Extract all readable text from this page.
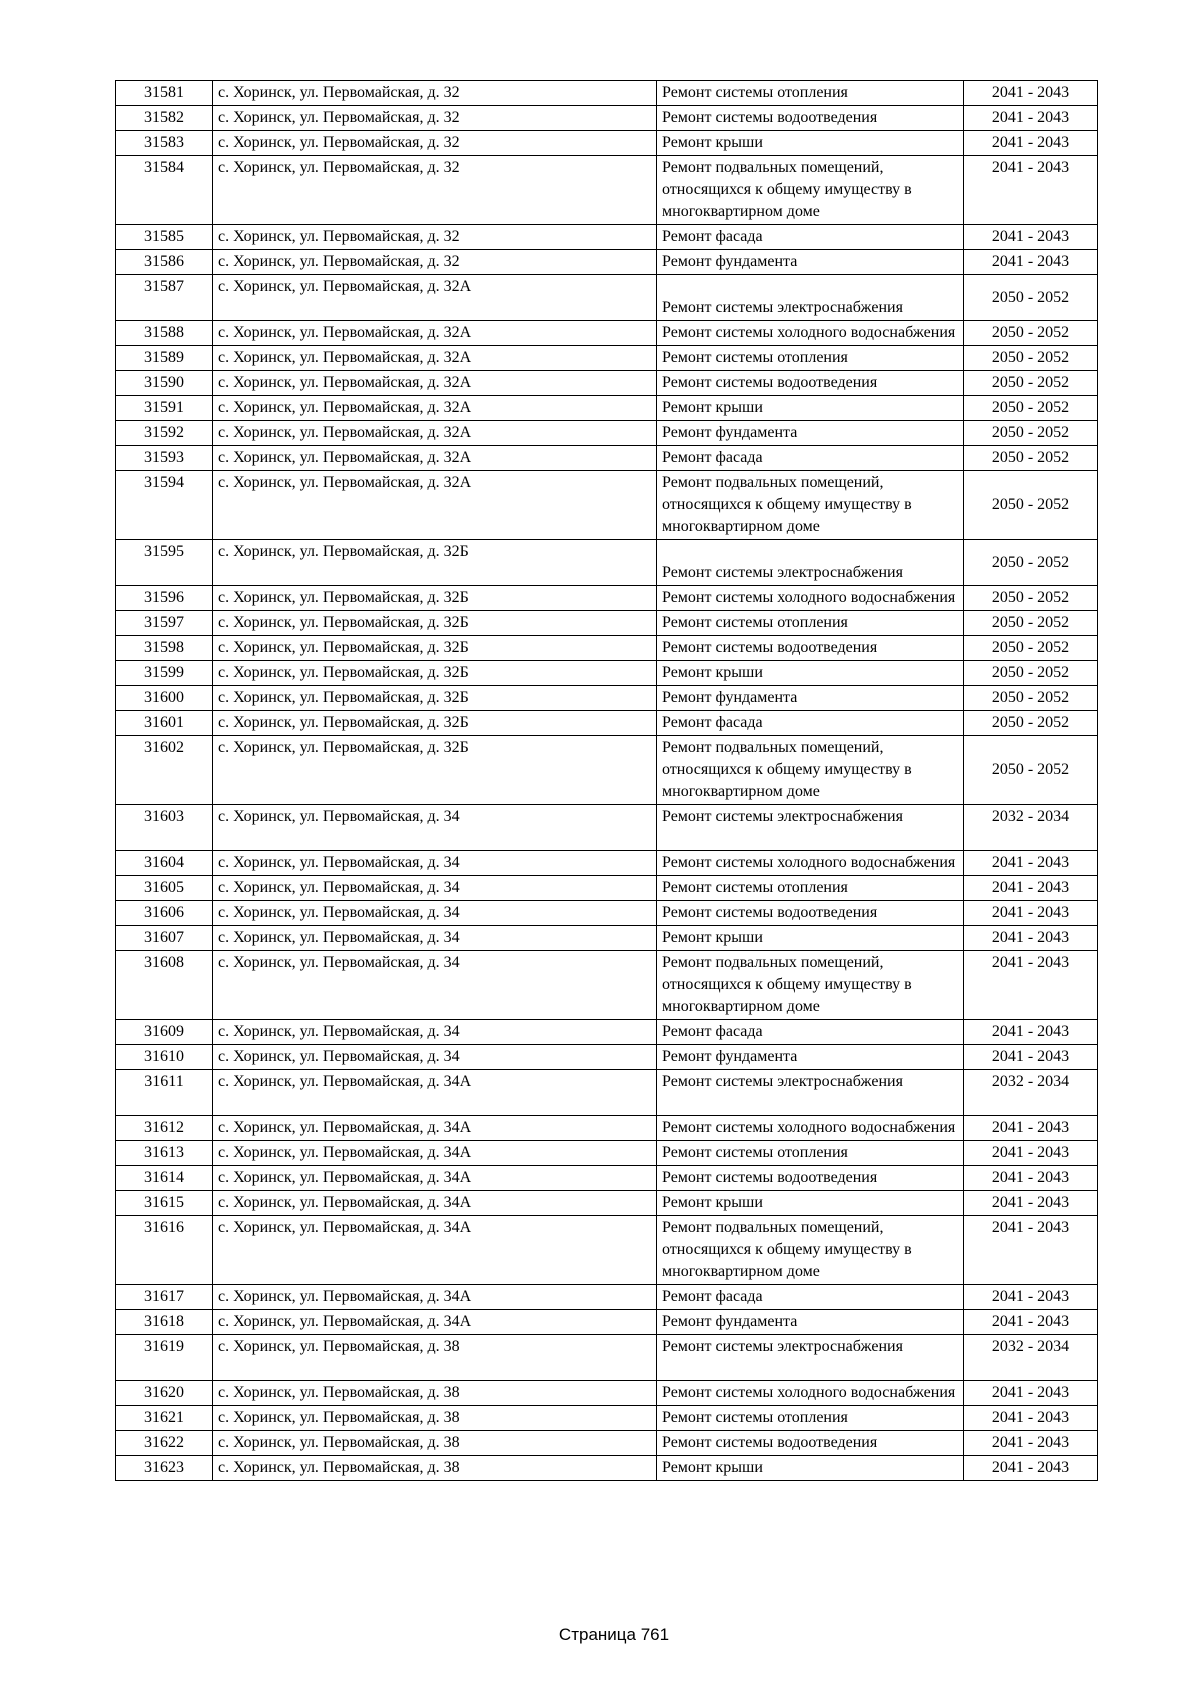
31581	с. Хоринск, ул. Первомайская, д. 32	Ремонт системы отопления	2041 - 2043
31582	с. Хоринск, ул. Первомайская, д. 32	Ремонт системы водоотведения	2041 - 2043
31583	с. Хоринск, ул. Первомайская, д. 32	Ремонт крыши	2041 - 2043
31584	с. Хоринск, ул. Первомайская, д. 32	Ремонт подвальных помещений, относящихся к общему имуществу в многоквартирном доме	2041 - 2043
31585	с. Хоринск, ул. Первомайская, д. 32	Ремонт фасада	2041 - 2043
31586	с. Хоринск, ул. Первомайская, д. 32	Ремонт фундамента	2041 - 2043
31587	с. Хоринск, ул. Первомайская, д. 32А	Ремонт системы электроснабжения	2050 - 2052
31588	с. Хоринск, ул. Первомайская, д. 32А	Ремонт системы холодного водоснабжения	2050 - 2052
31589	с. Хоринск, ул. Первомайская, д. 32А	Ремонт системы отопления	2050 - 2052
31590	с. Хоринск, ул. Первомайская, д. 32А	Ремонт системы водоотведения	2050 - 2052
31591	с. Хоринск, ул. Первомайская, д. 32А	Ремонт крыши	2050 - 2052
31592	с. Хоринск, ул. Первомайская, д. 32А	Ремонт фундамента	2050 - 2052
31593	с. Хоринск, ул. Первомайская, д. 32А	Ремонт фасада	2050 - 2052
31594	с. Хоринск, ул. Первомайская, д. 32А	Ремонт подвальных помещений, относящихся к общему имуществу в многоквартирном доме	2050 - 2052
31595	с. Хоринск, ул. Первомайская, д. 32Б	Ремонт системы электроснабжения	2050 - 2052
31596	с. Хоринск, ул. Первомайская, д. 32Б	Ремонт системы холодного водоснабжения	2050 - 2052
31597	с. Хоринск, ул. Первомайская, д. 32Б	Ремонт системы отопления	2050 - 2052
31598	с. Хоринск, ул. Первомайская, д. 32Б	Ремонт системы водоотведения	2050 - 2052
31599	с. Хоринск, ул. Первомайская, д. 32Б	Ремонт крыши	2050 - 2052
31600	с. Хоринск, ул. Первомайская, д. 32Б	Ремонт фундамента	2050 - 2052
31601	с. Хоринск, ул. Первомайская, д. 32Б	Ремонт фасада	2050 - 2052
31602	с. Хоринск, ул. Первомайская, д. 32Б	Ремонт подвальных помещений, относящихся к общему имуществу в многоквартирном доме	2050 - 2052
31603	с. Хоринск, ул. Первомайская, д. 34	Ремонт системы электроснабжения	2032 - 2034
31604	с. Хоринск, ул. Первомайская, д. 34	Ремонт системы холодного водоснабжения	2041 - 2043
31605	с. Хоринск, ул. Первомайская, д. 34	Ремонт системы отопления	2041 - 2043
31606	с. Хоринск, ул. Первомайская, д. 34	Ремонт системы водоотведения	2041 - 2043
31607	с. Хоринск, ул. Первомайская, д. 34	Ремонт крыши	2041 - 2043
31608	с. Хоринск, ул. Первомайская, д. 34	Ремонт подвальных помещений, относящихся к общему имуществу в многоквартирном доме	2041 - 2043
31609	с. Хоринск, ул. Первомайская, д. 34	Ремонт фасада	2041 - 2043
31610	с. Хоринск, ул. Первомайская, д. 34	Ремонт фундамента	2041 - 2043
31611	с. Хоринск, ул. Первомайская, д. 34А	Ремонт системы электроснабжения	2032 - 2034
31612	с. Хоринск, ул. Первомайская, д. 34А	Ремонт системы холодного водоснабжения	2041 - 2043
31613	с. Хоринск, ул. Первомайская, д. 34А	Ремонт системы отопления	2041 - 2043
31614	с. Хоринск, ул. Первомайская, д. 34А	Ремонт системы водоотведения	2041 - 2043
31615	с. Хоринск, ул. Первомайская, д. 34А	Ремонт крыши	2041 - 2043
31616	с. Хоринск, ул. Первомайская, д. 34А	Ремонт подвальных помещений, относящихся к общему имуществу в многоквартирном доме	2041 - 2043
31617	с. Хоринск, ул. Первомайская, д. 34А	Ремонт фасада	2041 - 2043
31618	с. Хоринск, ул. Первомайская, д. 34А	Ремонт фундамента	2041 - 2043
31619	с. Хоринск, ул. Первомайская, д. 38	Ремонт системы электроснабжения	2032 - 2034
31620	с. Хоринск, ул. Первомайская, д. 38	Ремонт системы холодного водоснабжения	2041 - 2043
31621	с. Хоринск, ул. Первомайская, д. 38	Ремонт системы отопления	2041 - 2043
31622	с. Хоринск, ул. Первомайская, д. 38	Ремонт системы водоотведения	2041 - 2043
31623	с. Хоринск, ул. Первомайская, д. 38	Ремонт крыши	2041 - 2043
Страница 761
